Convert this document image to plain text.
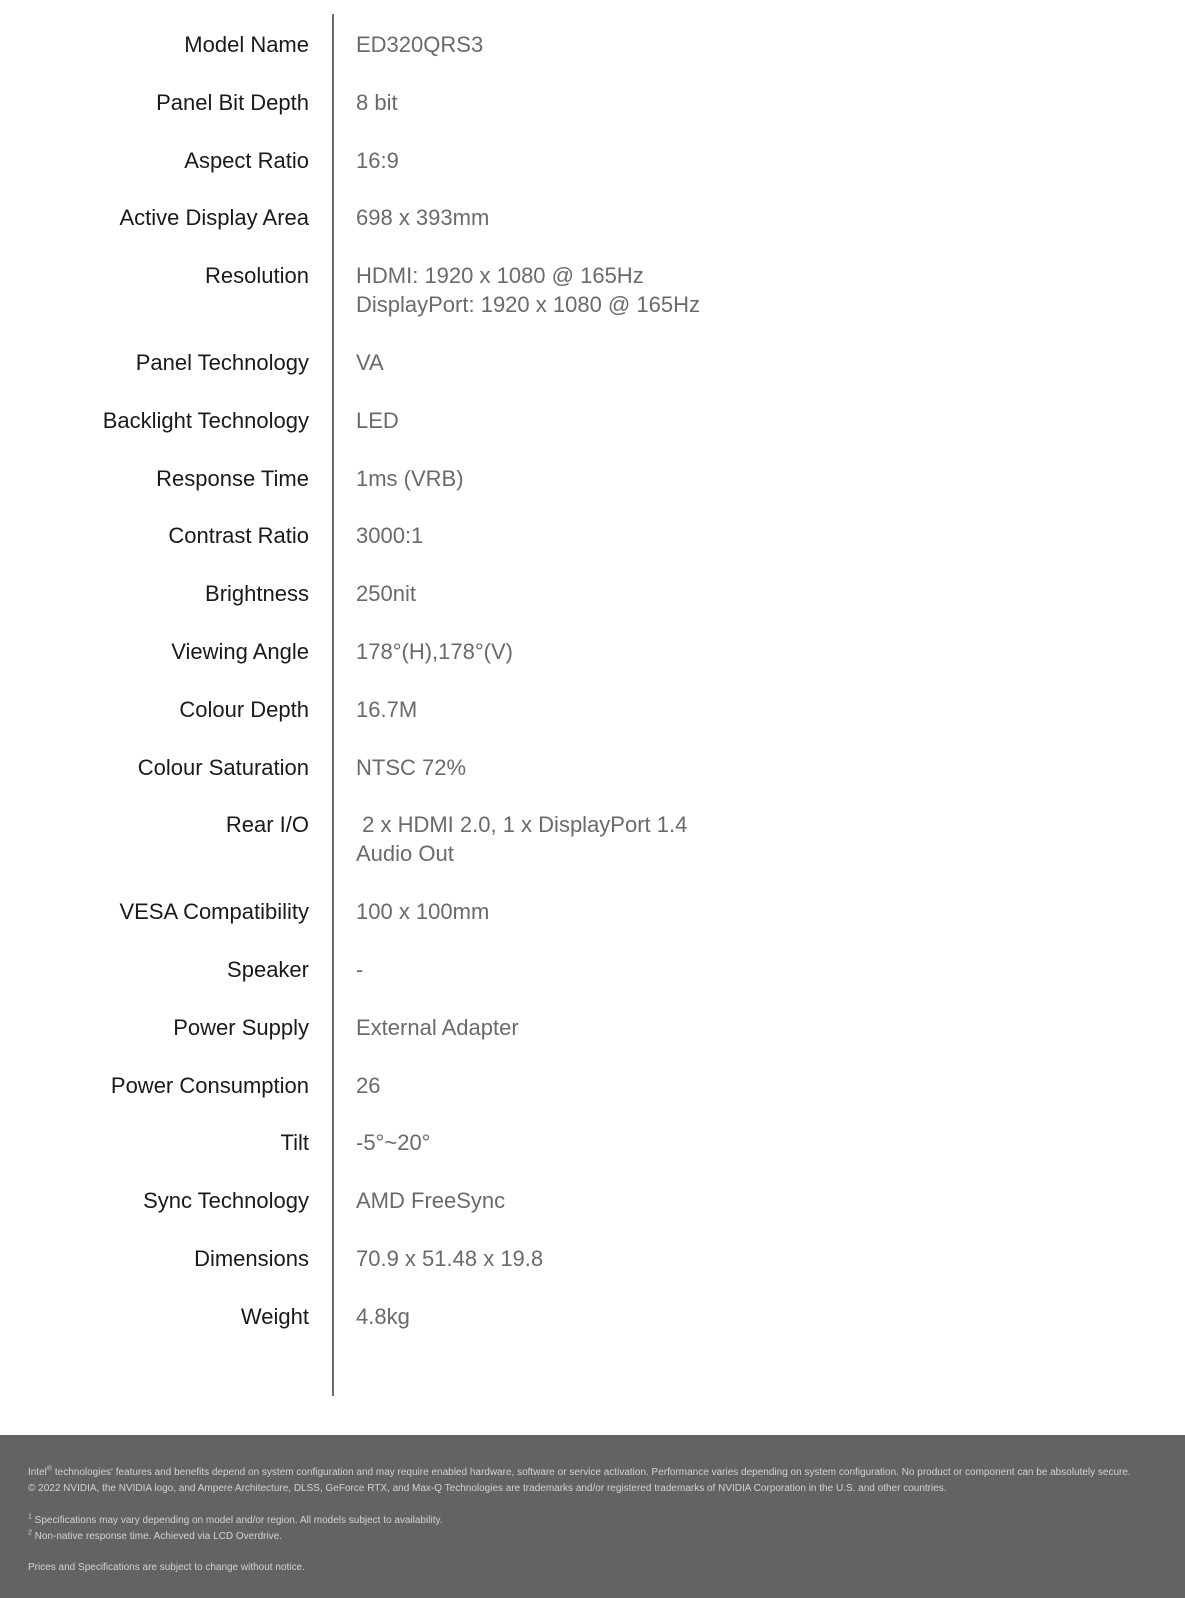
Model Name ED320QRS3
Panel Bit Depth 8 bit
Aspect Ratio 16:9
Active Display Area 698 x 393mm
Resolution HDMI: 1920 x 1080 @ 165Hz
DisplayPort: 1920 x 1080 @ 165Hz
Panel Technology VA
Backlight Technology LED
Response Time 1ms (VRB)
Contrast Ratio 3000:1
Brightness 250nit
Viewing Angle 178°(H),178°(V)
Colour Depth 16.7M
Colour Saturation NTSC 72%
Rear I/O 2 x HDMI 2.0, 1 x DisplayPort 1.4
Audio Out
VESA Compatibility 100 x 100mm
Speaker -
Power Supply External Adapter
Power Consumption 26
Tilt -5°~20°
Sync Technology AMD FreeSync
Dimensions 70.9 x 51.48 x 19.8
Weight 4.8kg

Intel® technologies' features and benefits depend on system configuration and may require enabled hardware, software or service activation. Performance varies depending on system configuration. No product or component can be absolutely secure.

© 2022 NVIDIA, the NVIDIA logo, and Ampere Architecture, DLSS, GeForce RTX, and Max-Q Technologies are trademarks and/or registered trademarks of NVIDIA Corporation in the U.S. and other countries.

$^1$ Specifications may vary depending on model and/or region. All models subject to availability.

$^2$ Non-native response time. Achieved via LCD Overdrive.

Prices and Specifications are subject to change without notice.
